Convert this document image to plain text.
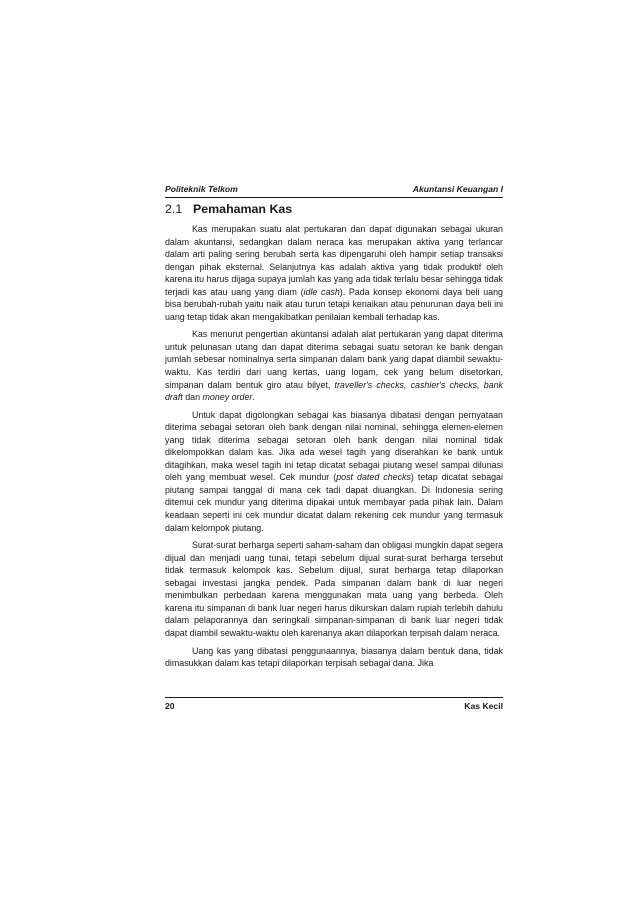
Politeknik Telkom	Akuntansi Keuangan I
2.1 Pemahaman Kas

Kas merupakan suatu alat pertukaran dan dapat digunakan sebagai ukuran dalam akuntansi, sedangkan dalam neraca kas merupakan aktiva yang terlancar dalam arti paling sering berubah serta kas dipengaruhi oleh hampir setiap transaksi dengan pihak eksternal. Selanjutnya kas adalah aktiva yang tidak produktif oleh karena itu harus dijaga supaya jumlah kas yang ada tidak terlalu besar sehingga tidak terjadi kas atau uang yang diam (idle cash). Pada konsep ekonomi daya beli uang bisa berubah-rubah yaitu naik atau turun tetapi kenaikan atau penurunan daya beli ini uang tetap tidak akan mengakibatkan penilaian kembali terhadap kas.

Kas menurut pengertian akuntansi adalah alat pertukaran yang dapat diterima untuk pelunasan utang dan dapat diterima sebagai suatu setoran ke bank dengan jumlah sebesar nominalnya serta simpanan dalam bank yang dapat diambil sewaktu-waktu. Kas terdiri dari uang kertas, uang logam, cek yang belum disetorkan, simpanan dalam bentuk giro atau bilyet, traveller's checks, cashier's checks, bank draft dan money order.

Untuk dapat digolongkan sebagai kas biasanya dibatasi dengan pernyataan diterima sebagai setoran oleh bank dengan nilai nominal, sehingga elemen-elemen yang tidak diterima sebagai setoran oleh bank dengan nilai nominal tidak dikelompokkan dalam kas. Jika ada wesel tagih yang diserahkan ke bank untuk ditagihkan, maka wesel tagih ini tetap dicatat sebagai piutang wesel sampai dilunasi oleh yang membuat wesel. Cek mundur (post dated checks) tetap dicatat sebagai piutang sampai tanggal di mana cek tadi dapat diuangkan. Di Indonesia sering ditemui cek mundur yang diterima dipakai untuk membayar pada pihak lain. Dalam keadaan seperti ini cek mundur dicatat dalam rekening cek mundur yang termasuk dalam kelompok piutang.

Surat-surat berharga seperti saham-saham dan obligasi mungkin dapat segera dijual dan menjadi uang tunai, tetapi sebelum dijual surat-surat berharga tersebut tidak termasuk kelompok kas. Sebelum dijual, surat berharga tetap dilaporkan sebagai investasi jangka pendek. Pada simpanan dalam bank di luar negeri menimbulkan perbedaan karena menggunakan mata uang yang berbeda. Oleh karena itu simpanan di bank luar negeri harus dikurskan dalam rupiah terlebih dahulu dalam pelaporannya dan seringkali simpanan-simpanan di bank luar negeri tidak dapat diambil sewaktu-waktu oleh karenanya akan dilaporkan terpisah dalam neraca.

Uang kas yang dibatasi penggunaannya, biasanya dalam bentuk dana, tidak dimasukkan dalam kas tetapi dilaporkan terpisah sebagai dana. Jika

20	Kas Kecil
